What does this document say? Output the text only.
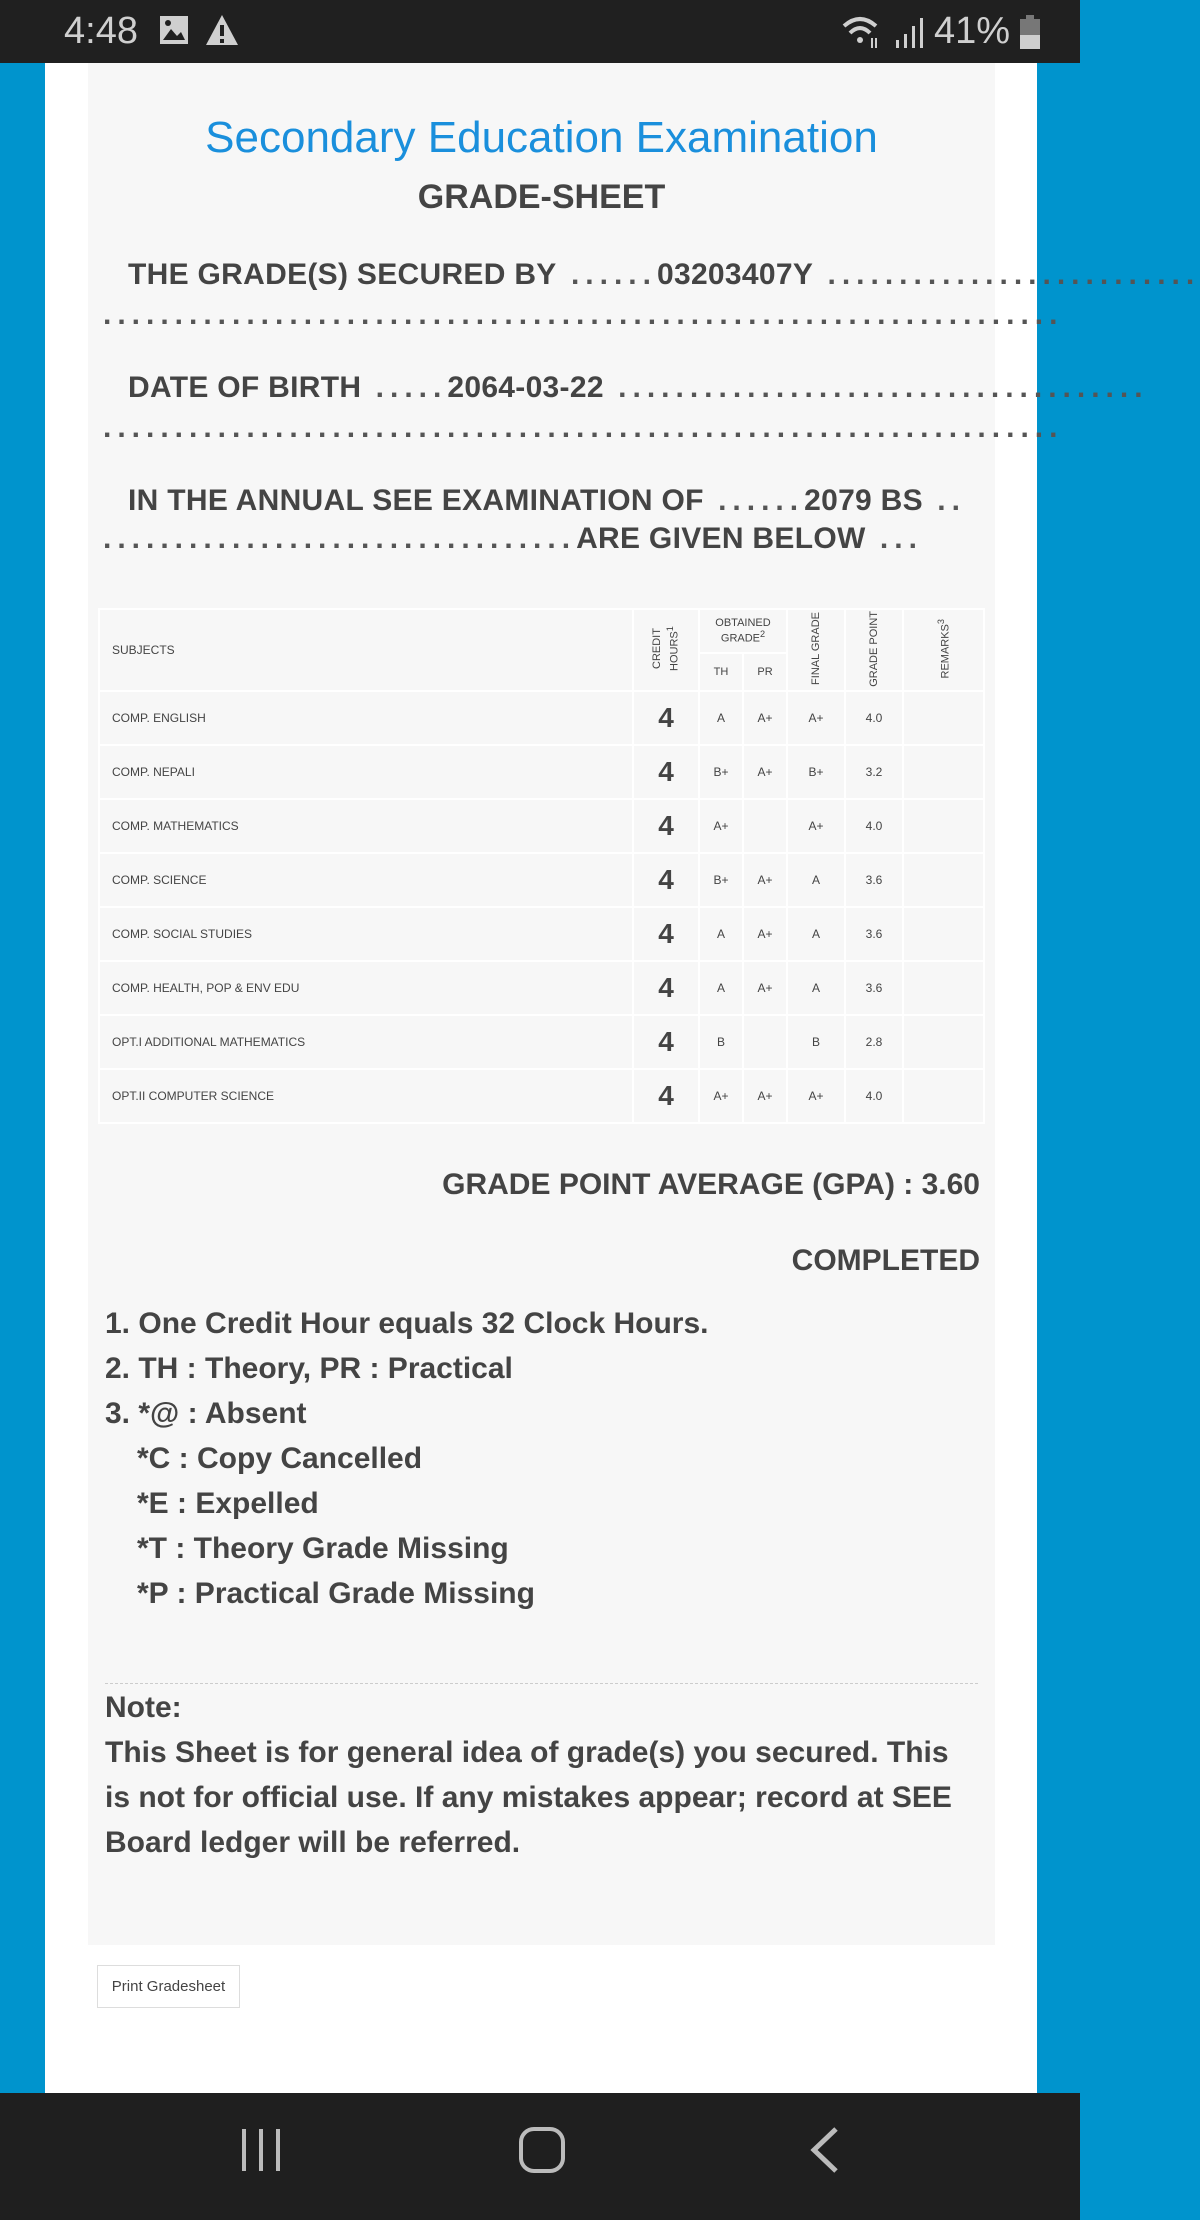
4:48	41%
Secondary Education Examination
GRADE-SHEET
THE GRADE(S) SECURED BY ......03203407Y ..........................
...................................................................
DATE OF BIRTH .....2064-03-22 .....................................
...................................................................
IN THE ANNUAL SEE EXAMINATION OF ......2079 BS ..
.................................ARE GIVEN BELOW ...
SUBJECTS	CREDIT HOURS$^1$	OBTAINED GRADE$^2$		FINAL GRADE	GRADE POINT	REMARKS$^3$
		TH	PR			
COMP. ENGLISH	4	A	A+	A+	4.0	
COMP. NEPALI	4	B+	A+	B+	3.2	
COMP. MATHEMATICS	4	A+		A+	4.0	
COMP. SCIENCE	4	B+	A+	A	3.6	
COMP. SOCIAL STUDIES	4	A	A+	A	3.6	
COMP. HEALTH, POP & ENV EDU	4	A	A+	A	3.6	
OPT.I ADDITIONAL MATHEMATICS	4	B		B	2.8	
OPT.II COMPUTER SCIENCE	4	A+	A+	A+	4.0	
GRADE POINT AVERAGE (GPA) : 3.60
COMPLETED
1. One Credit Hour equals 32 Clock Hours.
2. TH : Theory, PR : Practical
3. *@ : Absent
*C : Copy Cancelled
*E : Expelled
*T : Theory Grade Missing
*P : Practical Grade Missing
Note:
This Sheet is for general idea of grade(s) you secured. This is not for official use. If any mistakes appear; record at SEE Board ledger will be referred.
Print Gradesheet
